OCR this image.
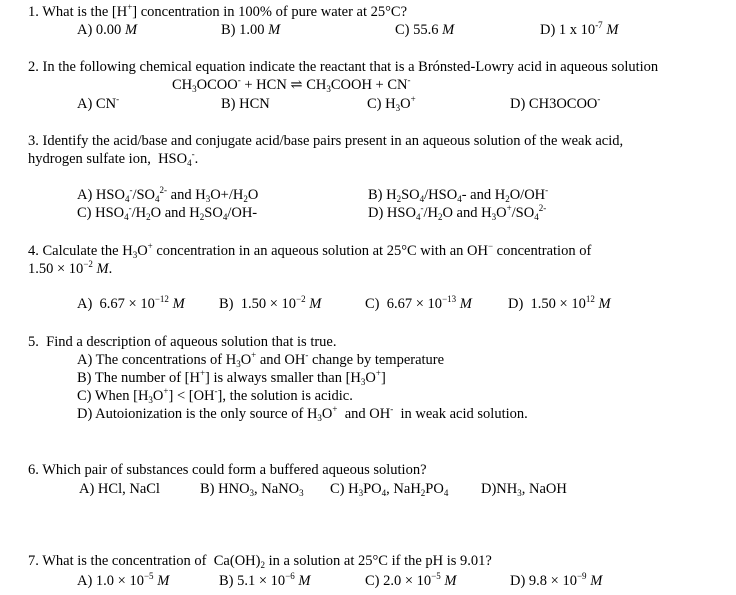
1. What is the [H+] concentration in 100% of pure water at 25°C?
A) 0.00 M	B) 1.00 M	C) 55.6 M	D) 1 x $10^{-7}$ M
2. In the following chemical equation indicate the reactant that is a Brónsted-Lowry acid in aqueous solution
$CH_3OCOO^-$ + HCN ⇌ $CH_3COOH + CN^-$
A) CN-	B) HCN	C) $H_3O^+$	D) CH3OCOO-
3. Identify the acid/base and conjugate acid/base pairs present in an aqueous solution of the weak acid,
hydrogen sulfate ion,  $HSO_4^-$.
A) $HSO_4^-/SO_4^{2-}$ and $H_3O+/H_2O$	B) $H_2SO_4/HSO_4-$ and $H_2O/OH^-$
C) $HSO_4^-/H_2O$ and $H_2SO_4/OH-$	D) $HSO_4^-/H_2O$ and $H_3O^+/SO_4^{2-}$
4. Calculate the $H_3O^+$ concentration in an aqueous solution at 25°C with an OH− concentration of
$1.50 \times 10^{-2}$ M.
A)  $6.67 \times 10^{-12}$ M B)  $1.50 \times 10^{-2}$ M	C)  $6.67 \times 10^{-13}$ M D)  $1.50 \times 10^{12}$ M
5.  Find a description of aqueous solution that is true.
A) The concentrations of $H_3O^+$ and OH- change by temperature
B) The number of [H+] is always smaller than $[H_3O^+]$
C) When $[H_3O^+] < [OH^-]$, the solution is acidic.
D) Autoionization is the only source of $H_3O^+$  and OH-  in weak acid solution.
6. Which pair of substances could form a buffered aqueous solution?
A) HCl, NaCl	B) $HNO_3$, NaNO$_3$ C) $H_3PO_4$, $NaH_2PO_4$ $D)NH_3$, NaOH
7. What is the concentration of  $Ca(OH)_2$ in a solution at 25°C if the pH is 9.01?
A) $1.0 \times 10^{-5}$ M	B) $5.1 \times 10^{-6}$ M	C) $2.0 \times 10^{-5}$ M	D) $9.8 \times 10^{-9}$ M
